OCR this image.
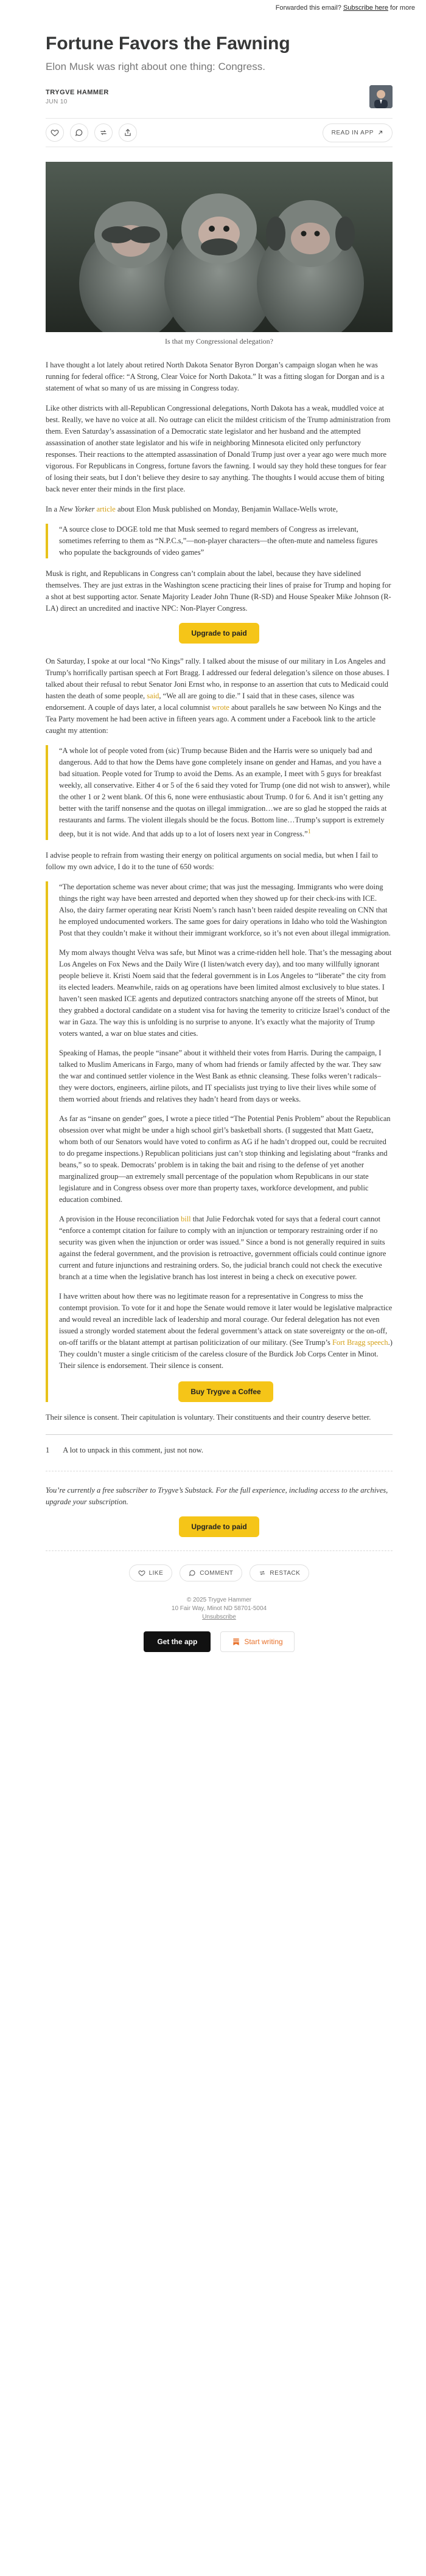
Forwarded this email? Subscribe here for more
Fortune Favors the Fawning
Elon Musk was right about one thing: Congress.
TRYGVE HAMMER
JUN 10
READ IN APP
Is that my Congressional delegation?

I have thought a lot lately about retired North Dakota Senator Byron Dorgan’s campaign slogan when he was running for federal office: “A Strong, Clear Voice for North Dakota.” It was a fitting slogan for Dorgan and is a statement of what so many of us are missing in Congress today.

Like other districts with all-Republican Congressional delegations, North Dakota has a weak, muddled voice at best. Really, we have no voice at all. No outrage can elicit the mildest criticism of the Trump administration from them. Even Saturday’s assassination of a Democratic state legislator and her husband and the attempted assassination of another state legislator and his wife in neighboring Minnesota elicited only perfunctory responses. Their reactions to the attempted assassination of Donald Trump just over a year ago were much more vigorous. For Republicans in Congress, fortune favors the fawning. I would say they hold these tongues for fear of losing their seats, but I don’t believe they desire to say anything. The thoughts I would accuse them of biting back never enter their minds in the first place.

In a New Yorker article about Elon Musk published on Monday, Benjamin Wallace-Wells wrote,

“A source close to DOGE told me that Musk seemed to regard members of Congress as irrelevant, sometimes referring to them as “N.P.C.s,”—non-player characters—the often-mute and nameless figures who populate the backgrounds of video games”

Musk is right, and Republicans in Congress can’t complain about the label, because they have sidelined themselves. They are just extras in the Washington scene practicing their lines of praise for Trump and hoping for a shot at best supporting actor. Senate Majority Leader John Thune (R-SD) and House Speaker Mike Johnson (R-LA) direct an uncredited and inactive NPC: Non-Player Congress.

Upgrade to paid

On Saturday, I spoke at our local “No Kings” rally. I talked about the misuse of our military in Los Angeles and Trump’s horrifically partisan speech at Fort Bragg. I addressed our federal delegation’s silence on those abuses. I talked about their refusal to rebut Senator Joni Ernst who, in response to an assertion that cuts to Medicaid could hasten the death of some people, said, “We all are going to die.” I said that in these cases, silence was endorsement. A couple of days later, a local columnist wrote about parallels he saw between No Kings and the Tea Party movement he had been active in fifteen years ago. A comment under a Facebook link to the article caught my attention:

“A whole lot of people voted from (sic) Trump because Biden and the Harris were so uniquely bad and dangerous. Add to that how the Dems have gone completely insane on gender and Hamas, and you have a bad situation. People voted for Trump to avoid the Dems. As an example, I meet with 5 guys for breakfast weekly, all conservative. Either 4 or 5 of the 6 said they voted for Trump (one did not wish to answer), while the other 1 or 2 went blank. Of this 6, none were enthusiastic about Trump. 0 for 6. And it isn’t getting any better with the tariff nonsense and the quotas on illegal immigration…we are so glad he stopped the raids at restaurants and farms. The violent illegals should be the focus. Bottom line…Trump’s support is extremely deep, but it is not wide. And that adds up to a lot of losers next year in Congress.”$^1$

I advise people to refrain from wasting their energy on political arguments on social media, but when I fail to follow my own advice, I do it to the tune of 650 words:

“The deportation scheme was never about crime; that was just the messaging. Immigrants who were doing things the right way have been arrested and deported when they showed up for their check-ins with ICE. Also, the dairy farmer operating near Kristi Noem’s ranch hasn’t been raided despite revealing on CNN that he employed undocumented workers. The same goes for dairy operations in Idaho who told the Washington Post that they couldn’t make it without their immigrant workforce, so it’s not even about illegal immigration.

My mom always thought Velva was safe, but Minot was a crime-ridden hell hole. That’s the messaging about Los Angeles on Fox News and the Daily Wire (I listen/watch every day), and too many willfully ignorant people believe it. Kristi Noem said that the federal government is in Los Angeles to “liberate” the city from its elected leaders. Meanwhile, raids on ag operations have been limited almost exclusively to blue states. I haven’t seen masked ICE agents and deputized contractors snatching anyone off the streets of Minot, but they grabbed a doctoral candidate on a student visa for having the temerity to criticize Israel’s conduct of the war in Gaza. The way this is unfolding is no surprise to anyone. It’s exactly what the majority of Trump voters wanted, a war on blue states and cities.

Speaking of Hamas, the people “insane” about it withheld their votes from Harris. During the campaign, I talked to Muslim Americans in Fargo, many of whom had friends or family affected by the war. They saw the war and continued settler violence in the West Bank as ethnic cleansing. These folks weren’t radicals–they were doctors, engineers, airline pilots, and IT specialists just trying to live their lives while some of them worried about friends and relatives they hadn’t heard from days or weeks.

As far as “insane on gender” goes, I wrote a piece titled “The Potential Penis Problem” about the Republican obsession over what might be under a high school girl’s basketball shorts. (I suggested that Matt Gaetz, whom both of our Senators would have voted to confirm as AG if he hadn’t dropped out, could be recruited to do pregame inspections.) Republican politicians just can’t stop thinking and legislating about “franks and beans,” so to speak. Democrats’ problem is in taking the bait and rising to the defense of yet another marginalized group—an extremely small percentage of the population whom Republicans in our state legislature and in Congress obsess over more than property taxes, workforce development, and public education combined.

A provision in the House reconciliation bill that Julie Fedorchak voted for says that a federal court cannot “enforce a contempt citation for failure to comply with an injunction or temporary restraining order if no security was given when the injunction or order was issued.” Since a bond is not generally required in suits against the federal government, and the provision is retroactive, government officials could continue ignore current and future injunctions and restraining orders. So, the judicial branch could not check the executive branch at a time when the legislative branch has lost interest in being a check on executive power.

I have written about how there was no legitimate reason for a representative in Congress to miss the contempt provision. To vote for it and hope the Senate would remove it later would be legislative malpractice and would reveal an incredible lack of leadership and moral courage. Our federal delegation has not even issued a strongly worded statement about the federal government’s attack on state sovereignty or the on-off, on-off tariffs or the blatant attempt at partisan politicization of our military. (See Trump’s Fort Bragg speech.) They couldn’t muster a single criticism of the careless closure of the Burdick Job Corps Center in Minot. Their silence is endorsement. Their silence is consent.

Buy Trygve a Coffee

Their silence is consent. Their capitulation is voluntary. Their constituents and their country deserve better.

1 A lot to unpack in this comment, just not now.

You’re currently a free subscriber to Trygve’s Substack. For the full experience, including access to the archives, upgrade your subscription.

Upgrade to paid
LIKE	COMMENT	RESTACK
© 2025 Trygve Hammer
10 Fair Way, Minot ND 58701-5004
Unsubscribe
Get the app	Start writing
